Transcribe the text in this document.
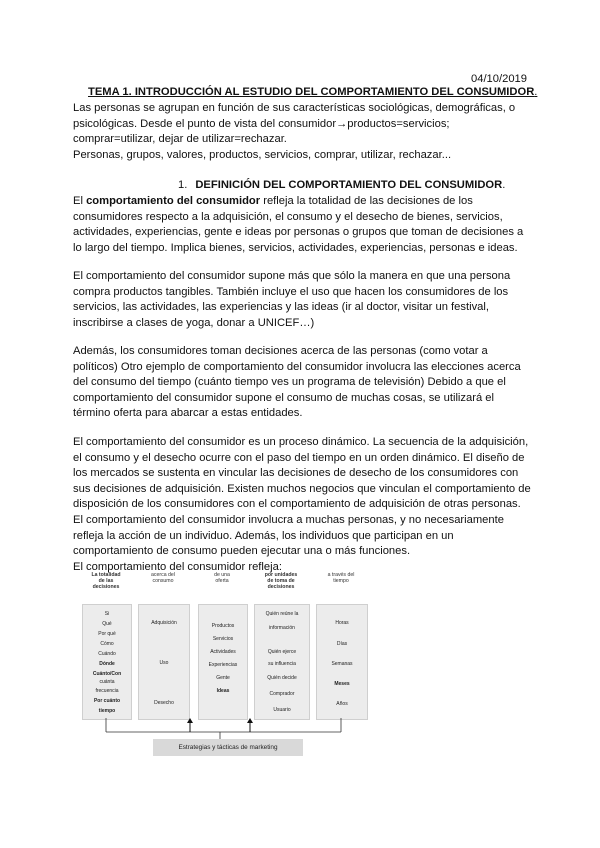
04/10/2019
TEMA 1. INTRODUCCIÓN AL ESTUDIO DEL COMPORTAMIENTO DEL CONSUMIDOR.
Las personas se agrupan en función de sus características sociológicas, demográficas, o
psicológicas. Desde el punto de vista del consumidor→productos=servicios;
comprar=utilizar, dejar de utilizar=rechazar.
Personas, grupos, valores, productos, servicios, comprar, utilizar, rechazar...
1. DEFINICIÓN DEL COMPORTAMIENTO DEL CONSUMIDOR.
El comportamiento del consumidor refleja la totalidad de las decisiones de los
consumidores respecto a la adquisición, el consumo y el desecho de bienes, servicios,
actividades, experiencias, gente e ideas por personas o grupos que toman de decisiones a
lo largo del tiempo. Implica bienes, servicios, actividades, experiencias, personas e ideas.
El comportamiento del consumidor supone más que sólo la manera en que una persona
compra productos tangibles. También incluye el uso que hacen los consumidores de los
servicios, las actividades, las experiencias y las ideas (ir al doctor, visitar un festival,
inscribirse a clases de yoga, donar a UNICEF…)
Además, los consumidores toman decisiones acerca de las personas (como votar a
políticos) Otro ejemplo de comportamiento del consumidor involucra las elecciones acerca
del consumo del tiempo (cuánto tiempo ves un programa de televisión) Debido a que el
comportamiento del consumidor supone el consumo de muchas cosas, se utilizará el
término oferta para abarcar a estas entidades.
El comportamiento del consumidor es un proceso dinámico. La secuencia de la adquisición,
el consumo y el desecho ocurre con el paso del tiempo en un orden dinámico. El diseño de
los mercados se sustenta en vincular las decisiones de desecho de los consumidores con
sus decisiones de adquisición. Existen muchos negocios que vinculan el comportamiento de
disposición de los consumidores con el comportamiento de adquisición de otras personas.
El comportamiento del consumidor involucra a muchas personas, y no necesariamente
refleja la acción de un individuo. Además, los individuos que participan en un
comportamiento de consumo pueden ejecutar una o más funciones.
El comportamiento del consumidor refleja:
La totalidad
de las
decisiones
acerca del
consumo
de una
oferta
por unidades
de toma de
decisiones
a través del
tiempo
Si
Qué
Por qué
Cómo
Cuándo
Dónde
Cuánto/Con
cuánta
frecuencia
Por cuánto
tiempo
Adquisición
Uso
Desecho
Productos
Servicios
Actividades
Experiencias
Gente
Ideas
Quién reúne la
información
Quién ejerce
su influencia
Quién decide
Comprador
Usuario
Horas
Días
Semanas
Meses
Años
Estrategias y tácticas de marketing
